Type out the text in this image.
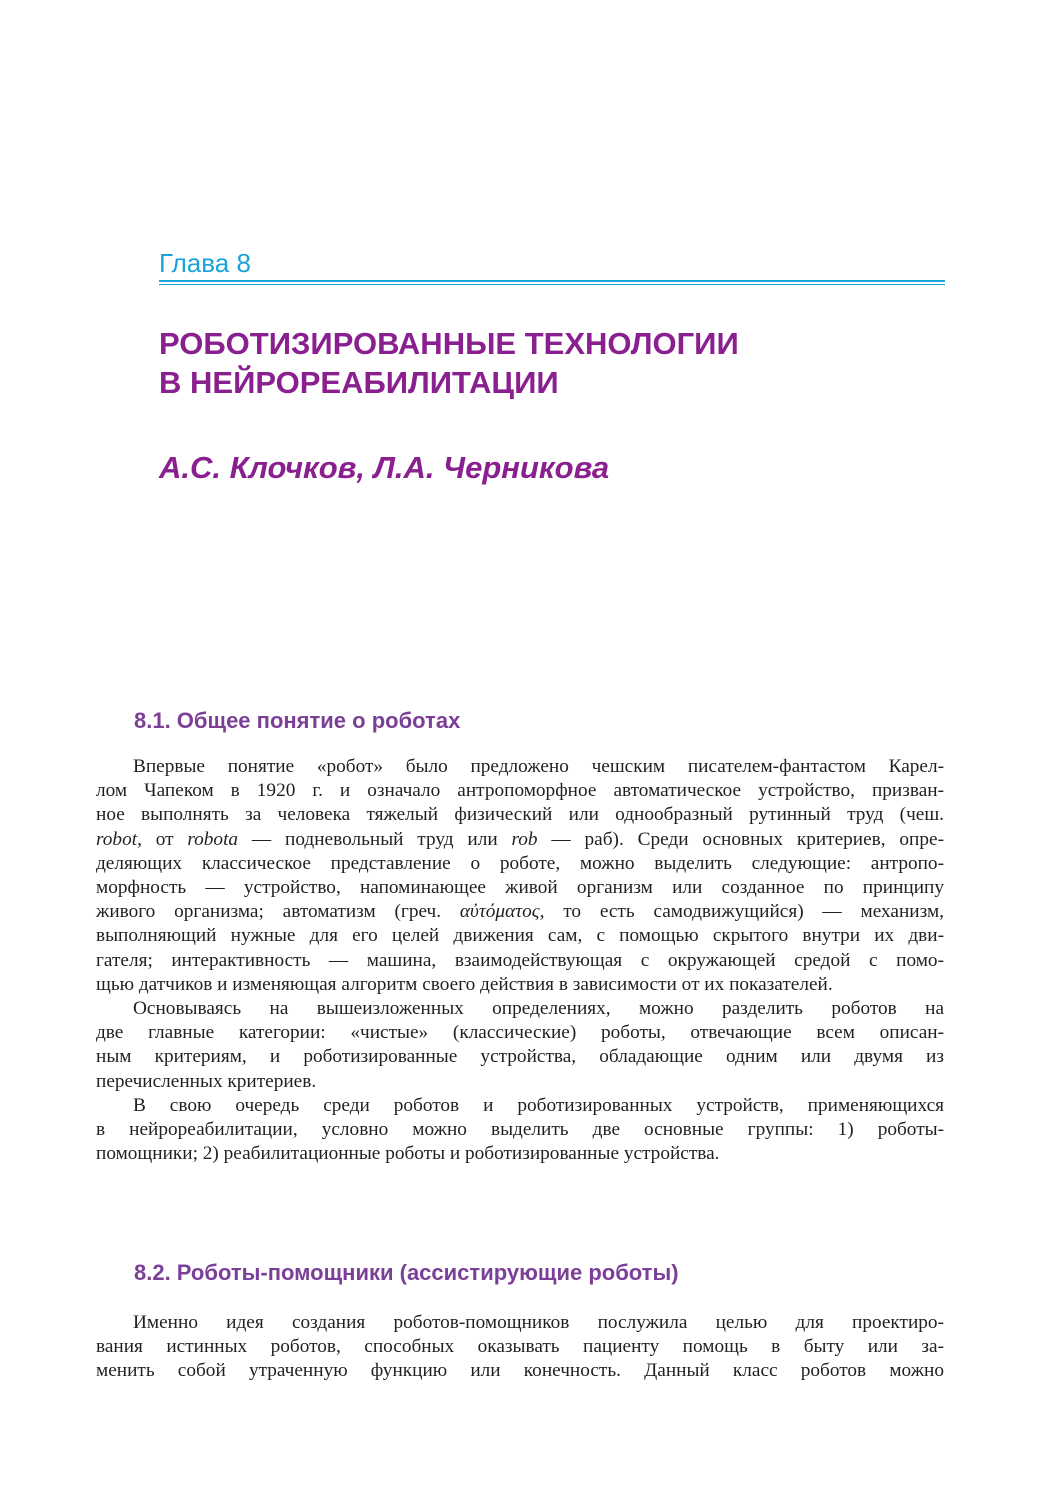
Глава 8
РОБОТИЗИРОВАННЫЕ ТЕХНОЛОГИИ
В НЕЙРОРЕАБИЛИТАЦИИ
А.С. Клочков, Л.А. Черникова
8.1. Общее понятие о роботах
Впервые понятие «робот» было предложено чешским писателем-фантастом Карел-
лом Чапеком в 1920 г. и означало антропоморфное автоматическое устройство, призван-
ное выполнять за человека тяжелый физический или однообразный рутинный труд (чеш.
robot, от robota — подневольный труд или rob — раб). Среди основных критериев, опре-
деляющих классическое представление о роботе, можно выделить следующие: антропо-
морфность — устройство, напоминающее живой организм или созданное по принципу
живого организма; автоматизм (греч. αὐτόματος, то есть самодвижущийся) — механизм,
выполняющий нужные для его целей движения сам, с помощью скрытого внутри их дви-
гателя; интерактивность — машина, взаимодействующая с окружающей средой с помо-
щью датчиков и изменяющая алгоритм своего действия в зависимости от их показателей.
Основываясь на вышеизложенных определениях, можно разделить роботов на
две главные категории: «чистые» (классические) роботы, отвечающие всем описан-
ным критериям, и роботизированные устройства, обладающие одним или двумя из
перечисленных критериев.
В свою очередь среди роботов и роботизированных устройств, применяющихся
в нейрореабилитации, условно можно выделить две основные группы: 1) роботы-
помощники; 2) реабилитационные роботы и роботизированные устройства.
8.2. Роботы-помощники (ассистирующие роботы)
Именно идея создания роботов-помощников послужила целью для проектиро-
вания истинных роботов, способных оказывать пациенту помощь в быту или за-
менить собой утраченную функцию или конечность. Данный класс роботов можно
